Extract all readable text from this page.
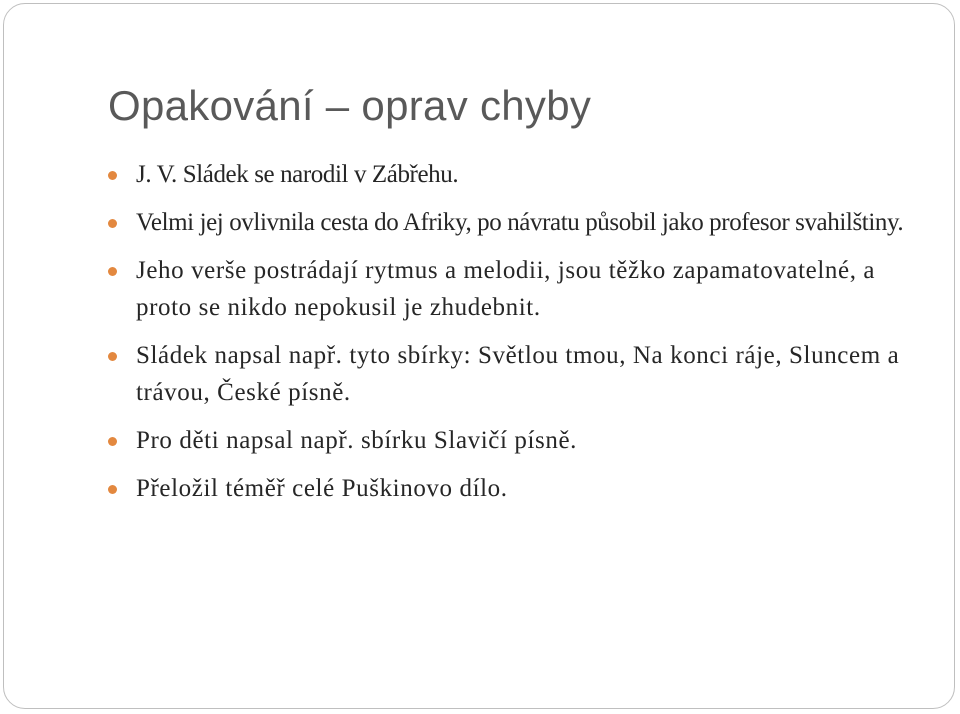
Opakování – oprav chyby
J. V. Sládek se narodil v Zábřehu.
Velmi jej ovlivnila cesta do Afriky, po návratu působil jako profesor svahilštiny.
Jeho verše postrádají rytmus a melodii, jsou těžko zapamatovatelné, a proto se nikdo nepokusil je zhudebnit.
Sládek napsal např. tyto sbírky: Světlou tmou, Na konci ráje, Sluncem a trávou, České písně.
Pro děti napsal např. sbírku Slavičí písně.
Přeložil téměř celé Puškinovo dílo.
